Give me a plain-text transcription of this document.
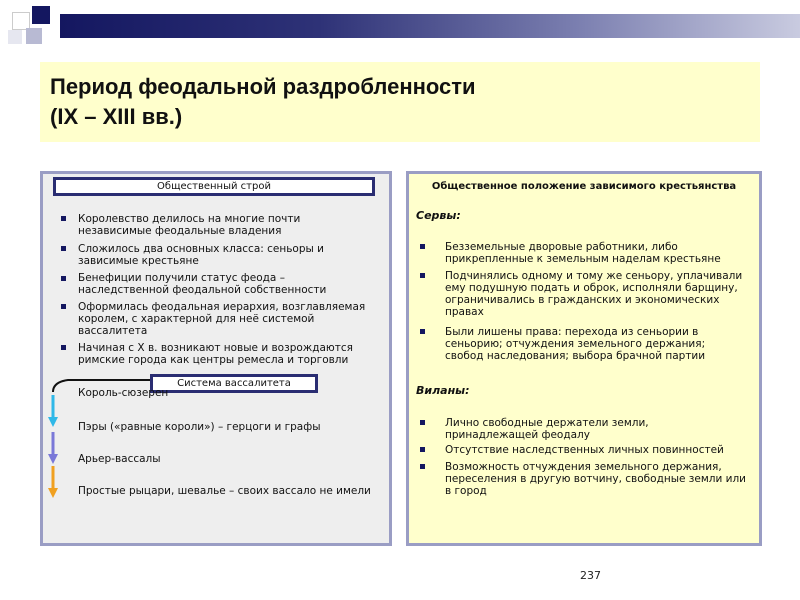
Период феодальной раздробленности
(IX – XIII вв.)
Общественный строй
Королевство делилось на многие почти независимые феодальные владения
Сложилось два основных класса: сеньоры и зависимые крестьяне
Бенефиции получили статус феода – наследственной феодальной собственности
Оформилась феодальная иерархия, возглавляемая королем, с характерной для неё системой вассалитета
Начиная с X в. возникают новые и возрождаются римские города как центры ремесла и торговли
Система вассалитета
Король-сюзерен
Пэры («равные короли») – герцоги и графы
Арьер-вассалы
Простые рыцари, шевалье – своих вассало не имели
Общественное положение зависимого крестьянства
Сервы:
Безземельные дворовые работники, либо прикрепленные к земельным наделам крестьяне
Подчинялись одному и тому же сеньору, уплачивали ему подушную подать и оброк, исполняли барщину, ограничивались в гражданских и экономических правах
Были лишены права: перехода из сеньории в сеньорию; отчуждения земельного держания; свобод наследования; выбора брачной партии
Виланы:
Лично свободные держатели земли, принадлежащей феодалу
Отсутствие наследственных личных повинностей
Возможность отчуждения земельного держания, переселения в другую вотчину, свободные земли или в город
237
